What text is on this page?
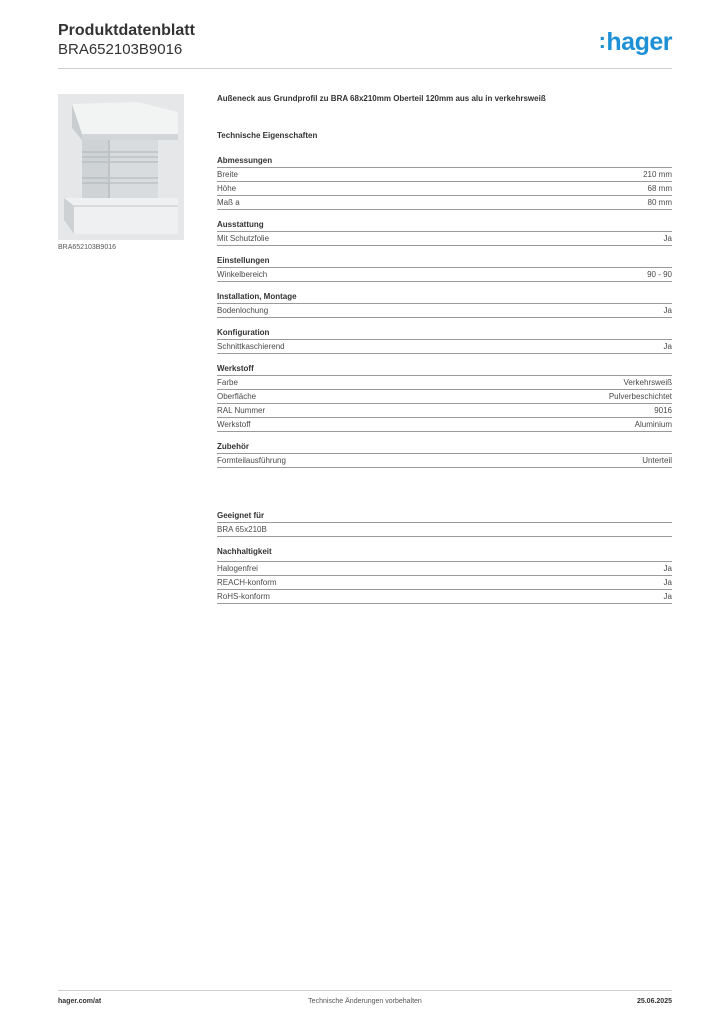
Produktdatenblatt
BRA652103B9016	:hager
BRA652103B9016
Außeneck aus Grundprofil zu BRA 68x210mm Oberteil 120mm aus alu in verkehrsweiß
Technische Eigenschaften
Abmessungen
Breite	210 mm
Höhe	68 mm
Maß a	80 mm
Ausstattung
Mit Schutzfolie	Ja
Einstellungen
Winkelbereich	90 - 90
Installation, Montage
Bodenlochung	Ja
Konfiguration
Schnittkaschierend	Ja
Werkstoff
Farbe	Verkehrsweiß
Oberfläche	Pulverbeschichtet
RAL Nummer	9016
Werkstoff	Aluminium
Zubehör
Formteilausführung	Unterteil
Geeignet für
BRA 65x210B
Nachhaltigkeit
Halogenfrei	Ja
REACH-konform	Ja
RoHS-konform	Ja
Technische Änderungen vorbehalten
hager.com/at	25.06.2025
